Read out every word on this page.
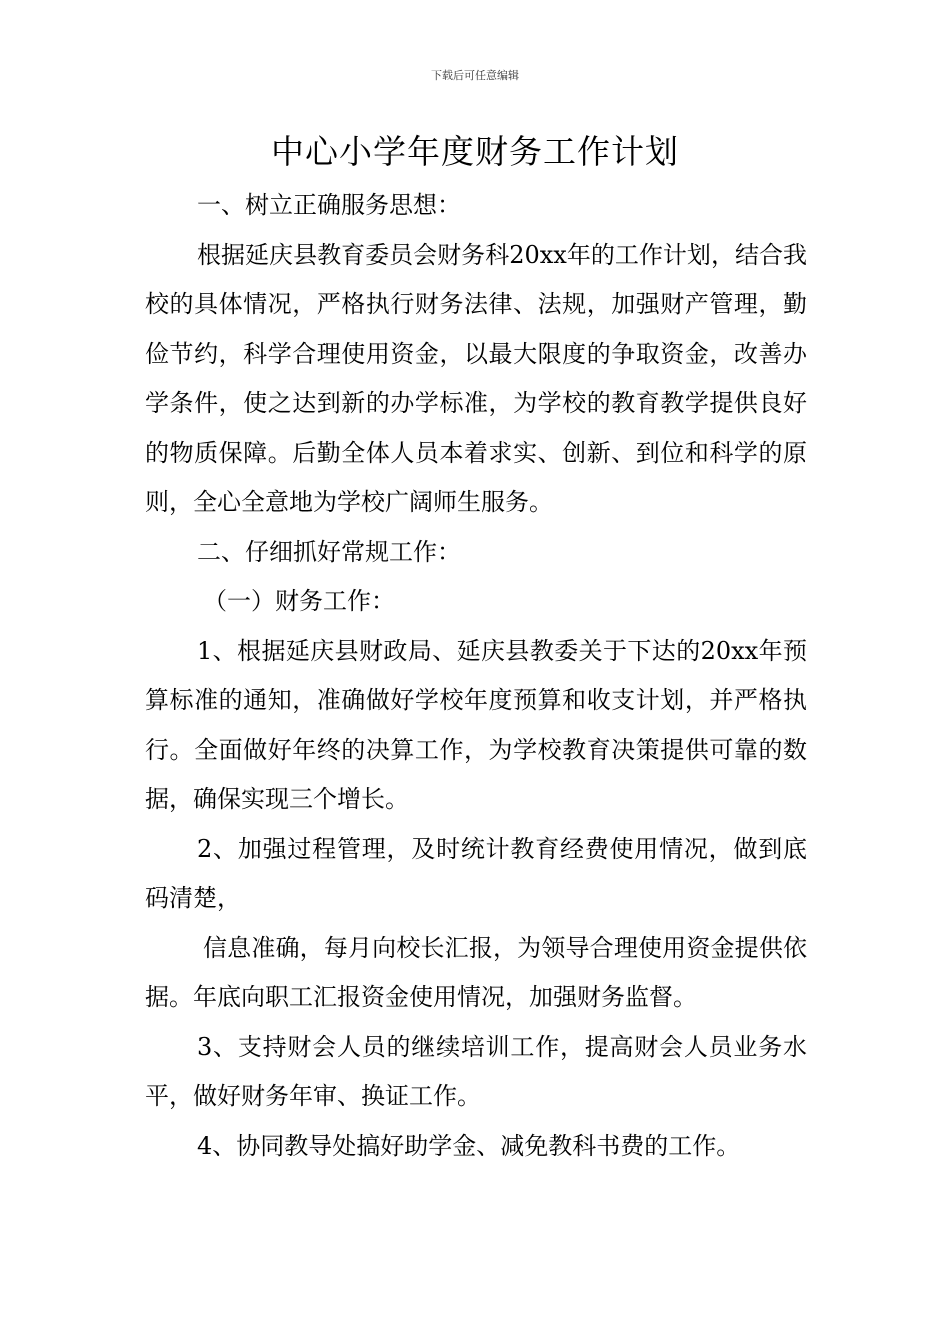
下载后可任意编辑
中心小学年度财务工作计划

一、树立正确服务思想：

根据延庆县教育委员会财务科20xx年的工作计划，结合我校的具体情况，严格执行财务法律、法规，加强财产管理，勤俭节约，科学合理使用资金，以最大限度的争取资金，改善办学条件，使之达到新的办学标准，为学校的教育教学提供良好的物质保障。后勤全体人员本着求实、创新、到位和科学的原则，全心全意地为学校广阔师生服务。

二、仔细抓好常规工作：

（一）财务工作：

1、根据延庆县财政局、延庆县教委关于下达的20xx年预算标准的通知，准确做好学校年度预算和收支计划，并严格执行。全面做好年终的决算工作，为学校教育决策提供可靠的数据，确保实现三个增长。

2、加强过程管理，及时统计教育经费使用情况，做到底码清楚，

信息准确，每月向校长汇报，为领导合理使用资金提供依据。年底向职工汇报资金使用情况，加强财务监督。

3、支持财会人员的继续培训工作，提高财会人员业务水平，做好财务年审、换证工作。

4、协同教导处搞好助学金、减免教科书费的工作。
